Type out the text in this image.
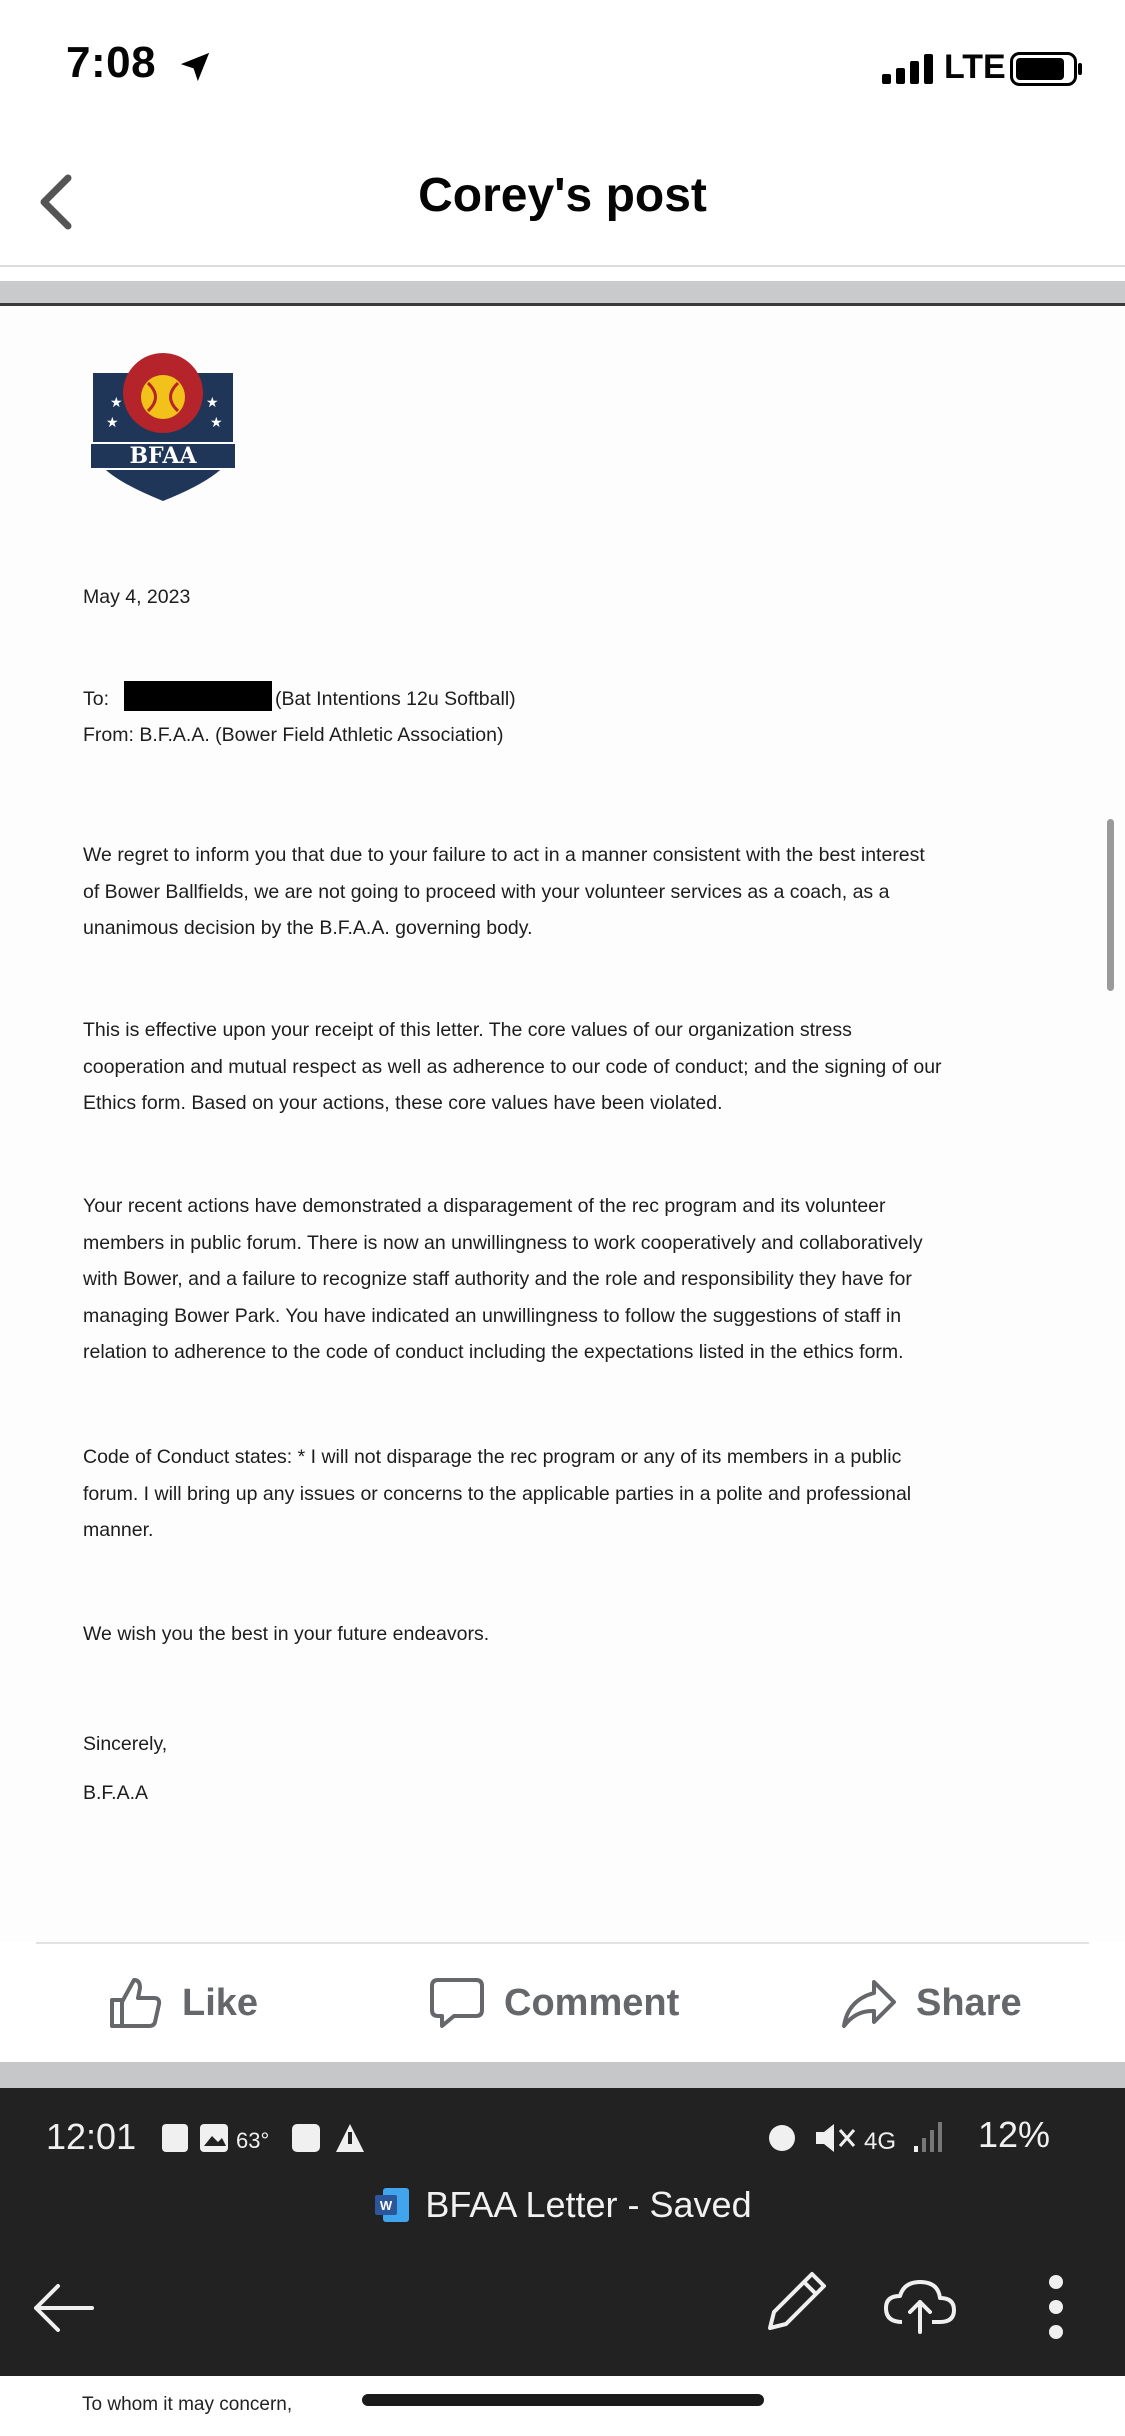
7:08	LTE
Corey's post
★
★
★
★
BFAA
May 4, 2023
To:	(Bat Intentions 12u Softball)
From: B.F.A.A. (Bower Field Athletic Association)
We regret to inform you that due to your failure to act in a manner consistent with the best interest
of Bower Ballfields, we are not going to proceed with your volunteer services as a coach, as a
unanimous decision by the B.F.A.A. governing body.
This is effective upon your receipt of this letter. The core values of our organization stress
cooperation and mutual respect as well as adherence to our code of conduct; and the signing of our
Ethics form. Based on your actions, these core values have been violated.
Your recent actions have demonstrated a disparagement of the rec program and its volunteer
members in public forum. There is now an unwillingness to work cooperatively and collaboratively
with Bower, and a failure to recognize staff authority and the role and responsibility they have for
managing Bower Park. You have indicated an unwillingness to follow the suggestions of staff in
relation to adherence to the code of conduct including the expectations listed in the ethics form.
Code of Conduct states: * I will not disparage the rec program or any of its members in a public
forum. I will bring up any issues or concerns to the applicable parties in a polite and professional
manner.
We wish you the best in your future endeavors.
Sincerely,
B.F.A.A
Like	Comment	Share
12:01	63°	4G 12%
W BFAA Letter - Saved
To whom it may concern,
